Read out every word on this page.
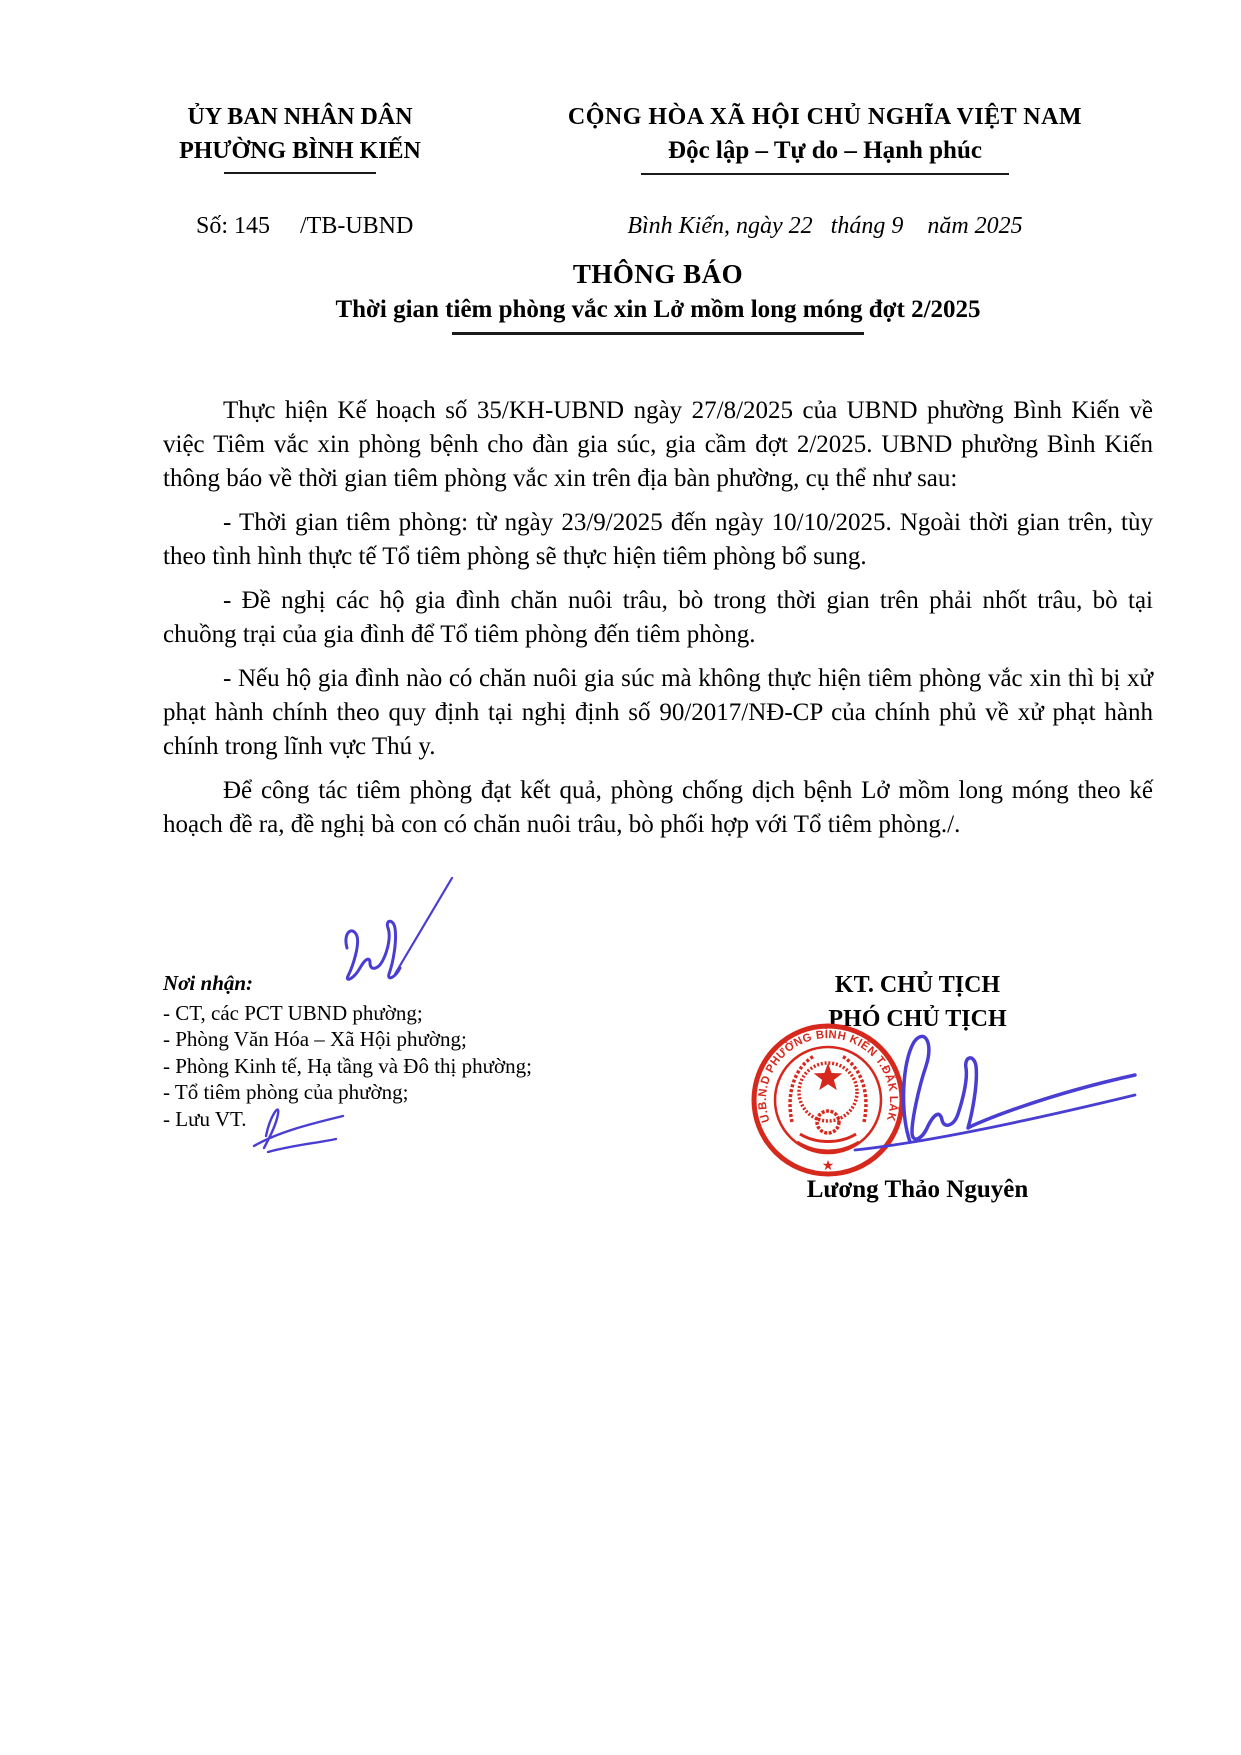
ỦY BAN NHÂN DÂN
PHƯỜNG BÌNH KIẾN
CỘNG HÒA XÃ HỘI CHỦ NGHĨA VIỆT NAM
Độc lập – Tự do – Hạnh phúc
Số: 145     /TB-UBND	Bình Kiến, ngày 22   tháng 9    năm 2025
THÔNG BÁO
Thời gian tiêm phòng vắc xin Lở mồm long móng đợt 2/2025

Thực hiện Kế hoạch số 35/KH-UBND ngày 27/8/2025 của UBND phường Bình Kiến về việc Tiêm vắc xin phòng bệnh cho đàn gia súc, gia cầm đợt 2/2025. UBND phường Bình Kiến thông báo về thời gian tiêm phòng vắc xin trên địa bàn phường, cụ thể như sau:

- Thời gian tiêm phòng: từ ngày 23/9/2025 đến ngày 10/10/2025. Ngoài thời gian trên, tùy theo tình hình thực tế Tổ tiêm phòng sẽ thực hiện tiêm phòng bổ sung.

- Đề nghị các hộ gia đình chăn nuôi trâu, bò trong thời gian trên phải nhốt trâu, bò tại chuồng trại của gia đình để Tổ tiêm phòng đến tiêm phòng.

- Nếu hộ gia đình nào có chăn nuôi gia súc mà không thực hiện tiêm phòng vắc xin thì bị xử phạt hành chính theo quy định tại nghị định số 90/2017/NĐ-CP của chính phủ về xử phạt hành chính trong lĩnh vực Thú y.

Để công tác tiêm phòng đạt kết quả, phòng chống dịch bệnh Lở mồm long móng theo kế hoạch đề ra, đề nghị bà con có chăn nuôi trâu, bò phối hợp với Tổ tiêm phòng./.

Nơi nhận:
- CT, các PCT UBND phường;
- Phòng Văn Hóa – Xã Hội phường;
- Phòng Kinh tế, Hạ tầng và Đô thị phường;
- Tổ tiêm phòng của phường;
- Lưu VT.
KT. CHỦ TỊCH
PHÓ CHỦ TỊCH
Lương Thảo Nguyên
U.B.N.D PHƯỜNG BÌNH KIẾN T.ĐẮK LẮK
★
